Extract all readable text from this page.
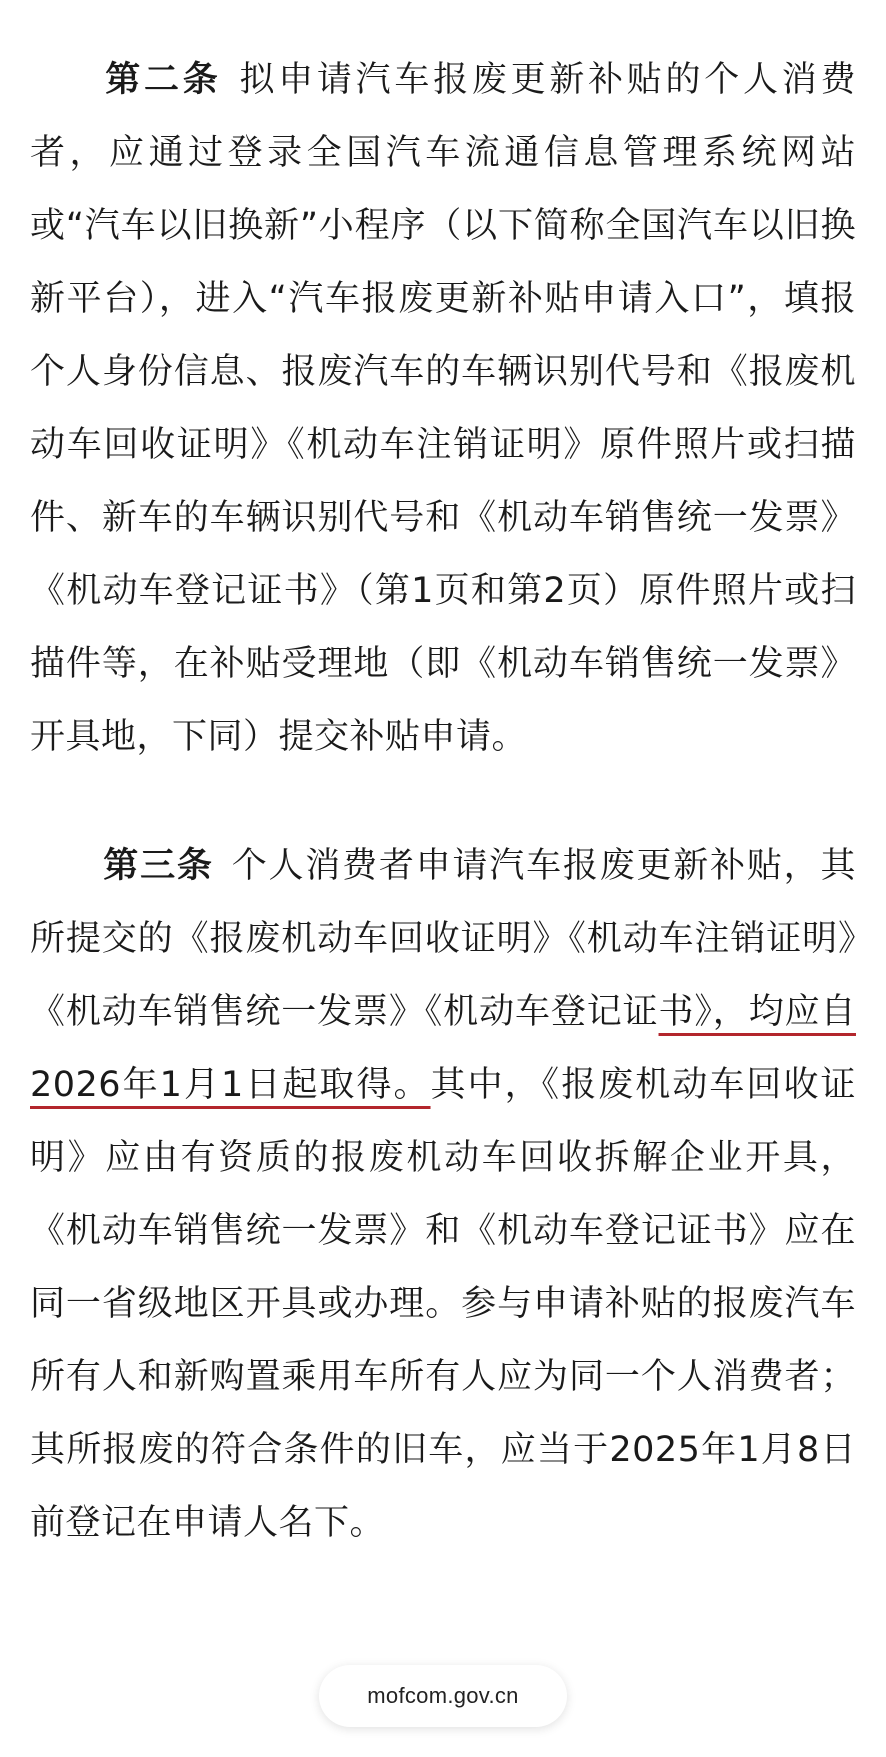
第二条 拟申请汽车报废更新补贴的个人消费者，应通过登录全国汽车流通信息管理系统网站或“汽车以旧换新”小程序（以下简称全国汽车以旧换新平台），进入“汽车报废更新补贴申请入口”，填报个人身份信息、报废汽车的车辆识别代号和《报废机动车回收证明》《机动车注销证明》原件照片或扫描件、新车的车辆识别代号和《机动车销售统一发票》《机动车登记证书》（第1页和第2页）原件照片或扫描件等，在补贴受理地（即《机动车销售统一发票》开具地，下同）提交补贴申请。

第三条 个人消费者申请汽车报废更新补贴，其所提交的《报废机动车回收证明》《机动车注销证明》《机动车销售统一发票》《机动车登记证书》，均应自2026年1月1日起取得。其中，《报废机动车回收证明》应由有资质的报废机动车回收拆解企业开具，《机动车销售统一发票》和《机动车登记证书》应在同一省级地区开具或办理。参与申请补贴的报废汽车所有人和新购置乘用车所有人应为同一个人消费者；其所报废的符合条件的旧车，应当于2025年1月8日前登记在申请人名下。

mofcom.gov.cn
